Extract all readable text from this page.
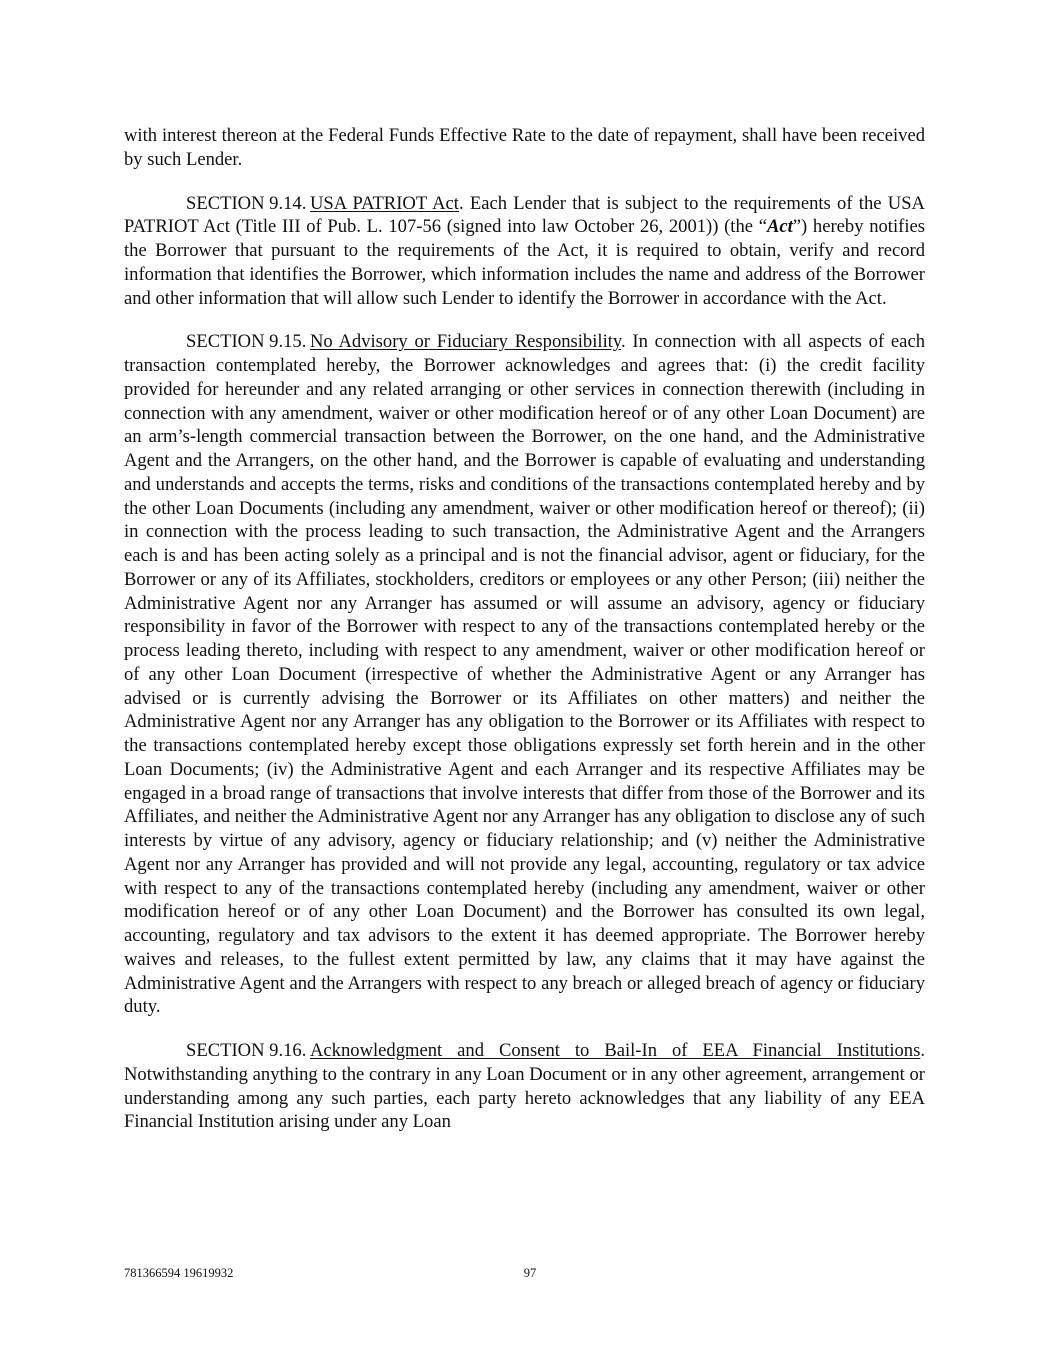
with interest thereon at the Federal Funds Effective Rate to the date of repayment, shall have been received by such Lender.

SECTION 9.14. USA PATRIOT Act. Each Lender that is subject to the requirements of the USA PATRIOT Act (Title III of Pub. L. 107-56 (signed into law October 26, 2001)) (the “Act”) hereby notifies the Borrower that pursuant to the requirements of the Act, it is required to obtain, verify and record information that identifies the Borrower, which information includes the name and address of the Borrower and other information that will allow such Lender to identify the Borrower in accordance with the Act.

SECTION 9.15. No Advisory or Fiduciary Responsibility. In connection with all aspects of each transaction contemplated hereby, the Borrower acknowledges and agrees that: (i) the credit facility provided for hereunder and any related arranging or other services in connection therewith (including in connection with any amendment, waiver or other modification hereof or of any other Loan Document) are an arm’s-length commercial transaction between the Borrower, on the one hand, and the Administrative Agent and the Arrangers, on the other hand, and the Borrower is capable of evaluating and understanding and understands and accepts the terms, risks and conditions of the transactions contemplated hereby and by the other Loan Documents (including any amendment, waiver or other modification hereof or thereof); (ii) in connection with the process leading to such transaction, the Administrative Agent and the Arrangers each is and has been acting solely as a principal and is not the financial advisor, agent or fiduciary, for the Borrower or any of its Affiliates, stockholders, creditors or employees or any other Person; (iii) neither the Administrative Agent nor any Arranger has assumed or will assume an advisory, agency or fiduciary responsibility in favor of the Borrower with respect to any of the transactions contemplated hereby or the process leading thereto, including with respect to any amendment, waiver or other modification hereof or of any other Loan Document (irrespective of whether the Administrative Agent or any Arranger has advised or is currently advising the Borrower or its Affiliates on other matters) and neither the Administrative Agent nor any Arranger has any obligation to the Borrower or its Affiliates with respect to the transactions contemplated hereby except those obligations expressly set forth herein and in the other Loan Documents; (iv) the Administrative Agent and each Arranger and its respective Affiliates may be engaged in a broad range of transactions that involve interests that differ from those of the Borrower and its Affiliates, and neither the Administrative Agent nor any Arranger has any obligation to disclose any of such interests by virtue of any advisory, agency or fiduciary relationship; and (v) neither the Administrative Agent nor any Arranger has provided and will not provide any legal, accounting, regulatory or tax advice with respect to any of the transactions contemplated hereby (including any amendment, waiver or other modification hereof or of any other Loan Document) and the Borrower has consulted its own legal, accounting, regulatory and tax advisors to the extent it has deemed appropriate. The Borrower hereby waives and releases, to the fullest extent permitted by law, any claims that it may have against the Administrative Agent and the Arrangers with respect to any breach or alleged breach of agency or fiduciary duty.

SECTION 9.16. Acknowledgment and Consent to Bail-In of EEA Financial Institutions. Notwithstanding anything to the contrary in any Loan Document or in any other agreement, arrangement or understanding among any such parties, each party hereto acknowledges that any liability of any EEA Financial Institution arising under any Loan

781366594 19619932	97
